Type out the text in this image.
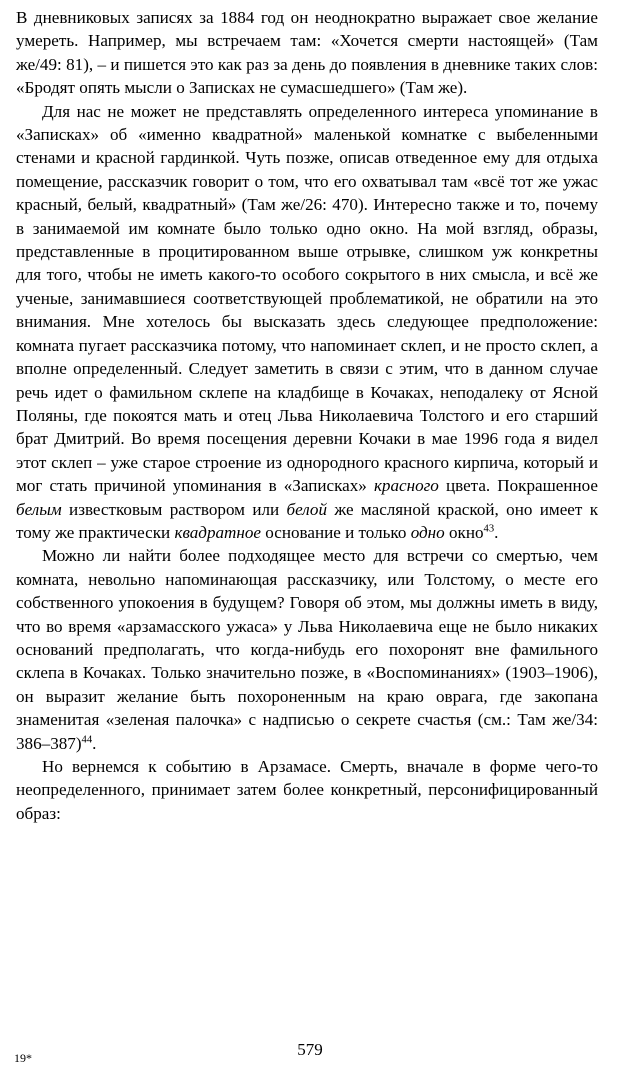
В дневниковых записях за 1884 год он неоднократно выражает свое желание умереть. Например, мы встречаем там: «Хочется смерти настоящей» (Там же/49: 81), – и пишется это как раз за день до появления в дневнике таких слов: «Бродят опять мысли о Записках не сумасшедшего» (Там же).

Для нас не может не представлять определенного интереса упоминание в «Записках» об «именно квадратной» маленькой комнатке с выбеленными стенами и красной гардинкой. Чуть позже, описав отведенное ему для отдыха помещение, рассказчик говорит о том, что его охватывал там «всё тот же ужас красный, белый, квадратный» (Там же/26: 470). Интересно также и то, почему в занимаемой им комнате было только одно окно. На мой взгляд, образы, представленные в процитированном выше отрывке, слишком уж конкретны для того, чтобы не иметь какого-то особого сокрытого в них смысла, и всё же ученые, занимавшиеся соответствующей проблематикой, не обратили на это внимания. Мне хотелось бы высказать здесь следующее предположение: комната пугает рассказчика потому, что напоминает склеп, и не просто склеп, а вполне определенный. Следует заметить в связи с этим, что в данном случае речь идет о фамильном склепе на кладбище в Кочаках, неподалеку от Ясной Поляны, где покоятся мать и отец Льва Николаевича Толстого и его старший брат Дмитрий. Во время посещения деревни Кочаки в мае 1996 года я видел этот склеп – уже старое строение из однородного красного кирпича, который и мог стать причиной упоминания в «Записках» красного цвета. Покрашенное белым известковым раствором или белой же масляной краской, оно имеет к тому же практически квадратное основание и только одно окно$^{43}$.

Можно ли найти более подходящее место для встречи со смертью, чем комната, невольно напоминающая рассказчику, или Толстому, о месте его собственного упокоения в будущем? Говоря об этом, мы должны иметь в виду, что во время «арзамасского ужаса» у Льва Николаевича еще не было никаких оснований предполагать, что когда-нибудь его похоронят вне фамильного склепа в Кочаках. Только значительно позже, в «Воспоминаниях» (1903–1906), он выразит желание быть похороненным на краю оврага, где закопана знаменитая «зеленая палочка» с надписью о секрете счастья (см.: Там же/34: 386–387)$^{44}$.

Но вернемся к событию в Арзамасе. Смерть, вначале в форме чего-то неопределенного, принимает затем более конкретный, персонифицированный образ:

579
19*
